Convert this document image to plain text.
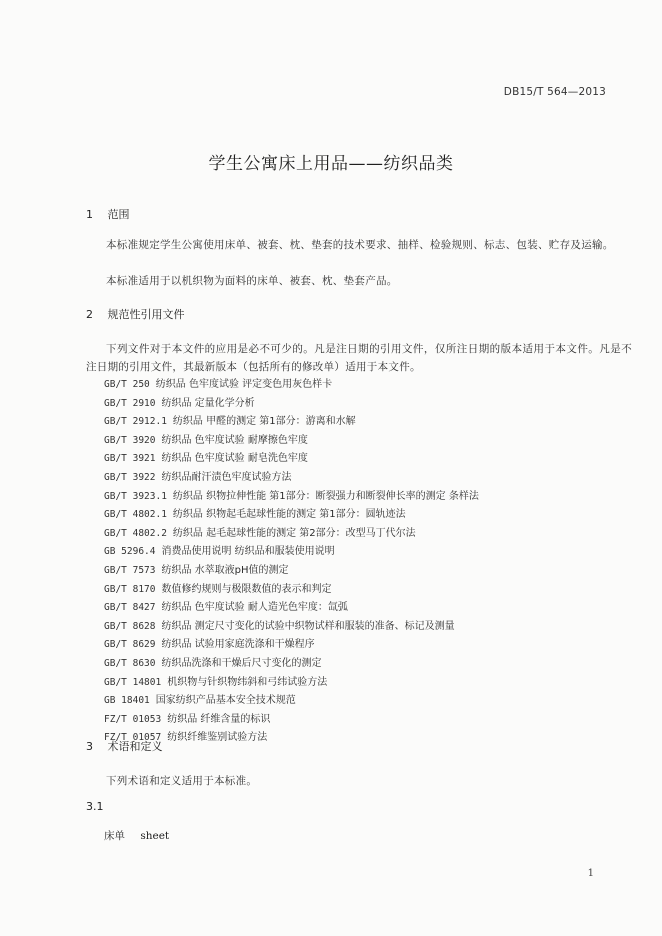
DB15/T 564—2013
学生公寓床上用品——纺织品类
1 范围
本标准规定学生公寓使用床单、被套、枕、垫套的技术要求、抽样、检验规则、标志、包装、贮存及运输。
本标准适用于以机织物为面料的床单、被套、枕、垫套产品。
2 规范性引用文件
下列文件对于本文件的应用是必不可少的。凡是注日期的引用文件，仅所注日期的版本适用于本文件。凡是不注日期的引用文件，其最新版本（包括所有的修改单）适用于本文件。
GB/T 250 纺织品 色牢度试验 评定变色用灰色样卡
GB/T 2910 纺织品 定量化学分析
GB/T 2912.1 纺织品 甲醛的测定 第1部分：游离和水解
GB/T 3920 纺织品 色牢度试验 耐摩擦色牢度
GB/T 3921 纺织品 色牢度试验 耐皂洗色牢度
GB/T 3922 纺织品耐汗渍色牢度试验方法
GB/T 3923.1 纺织品 织物拉伸性能 第1部分：断裂强力和断裂伸长率的测定 条样法
GB/T 4802.1 纺织品 织物起毛起球性能的测定 第1部分：圆轨迹法
GB/T 4802.2 纺织品 起毛起球性能的测定 第2部分：改型马丁代尔法
GB 5296.4 消费品使用说明 纺织品和服装使用说明
GB/T 7573 纺织品 水萃取液pH值的测定
GB/T 8170 数值修约规则与极限数值的表示和判定
GB/T 8427 纺织品 色牢度试验 耐人造光色牢度：氙弧
GB/T 8628 纺织品 测定尺寸变化的试验中织物试样和服装的准备、标记及测量
GB/T 8629 纺织品 试验用家庭洗涤和干燥程序
GB/T 8630 纺织品洗涤和干燥后尺寸变化的测定
GB/T 14801 机织物与针织物纬斜和弓纬试验方法
GB 18401 国家纺织产品基本安全技术规范
FZ/T 01053 纺织品 纤维含量的标识
FZ/T 01057 纺织纤维鉴别试验方法
3 术语和定义
下列术语和定义适用于本标准。
3.1
床单 sheet
1
